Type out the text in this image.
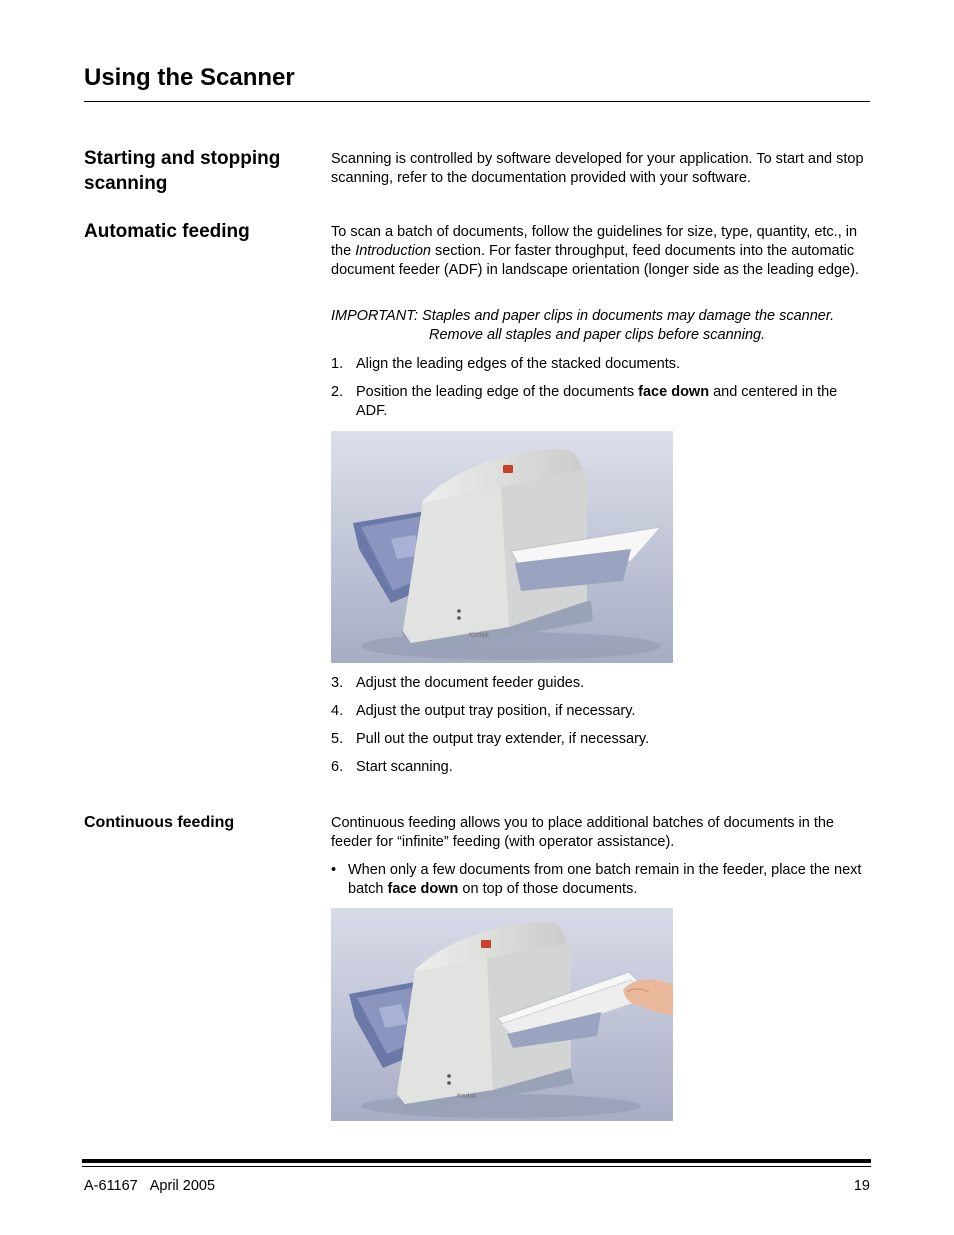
Using the Scanner
Starting and stopping scanning

Scanning is controlled by software developed for your application. To start and stop scanning, refer to the documentation provided with your software.

Automatic feeding	To scan a batch of documents, follow the guidelines for size, type, quantity, etc., in the Introduction section. For faster throughput, feed documents into the automatic document feeder (ADF) in landscape orientation (longer side as the leading edge).

IMPORTANT: Staples and paper clips in documents may damage the scanner.
Remove all staples and paper clips before scanning.

1. Align the leading edges of the stacked documents.
2. Position the leading edge of the documents face down and centered in the ADF.
Kodak
3. Adjust the document feeder guides.
4. Adjust the output tray position, if necessary.
5. Pull out the output tray extender, if necessary.
6. Start scanning.
Continuous feeding	Continuous feeding allows you to place additional batches of documents in the feeder for “infinite” feeding (with operator assistance).

• When only a few documents from one batch remain in the feeder, place the next batch face down on top of those documents.
Kodak
A-61167 April 2005	19
